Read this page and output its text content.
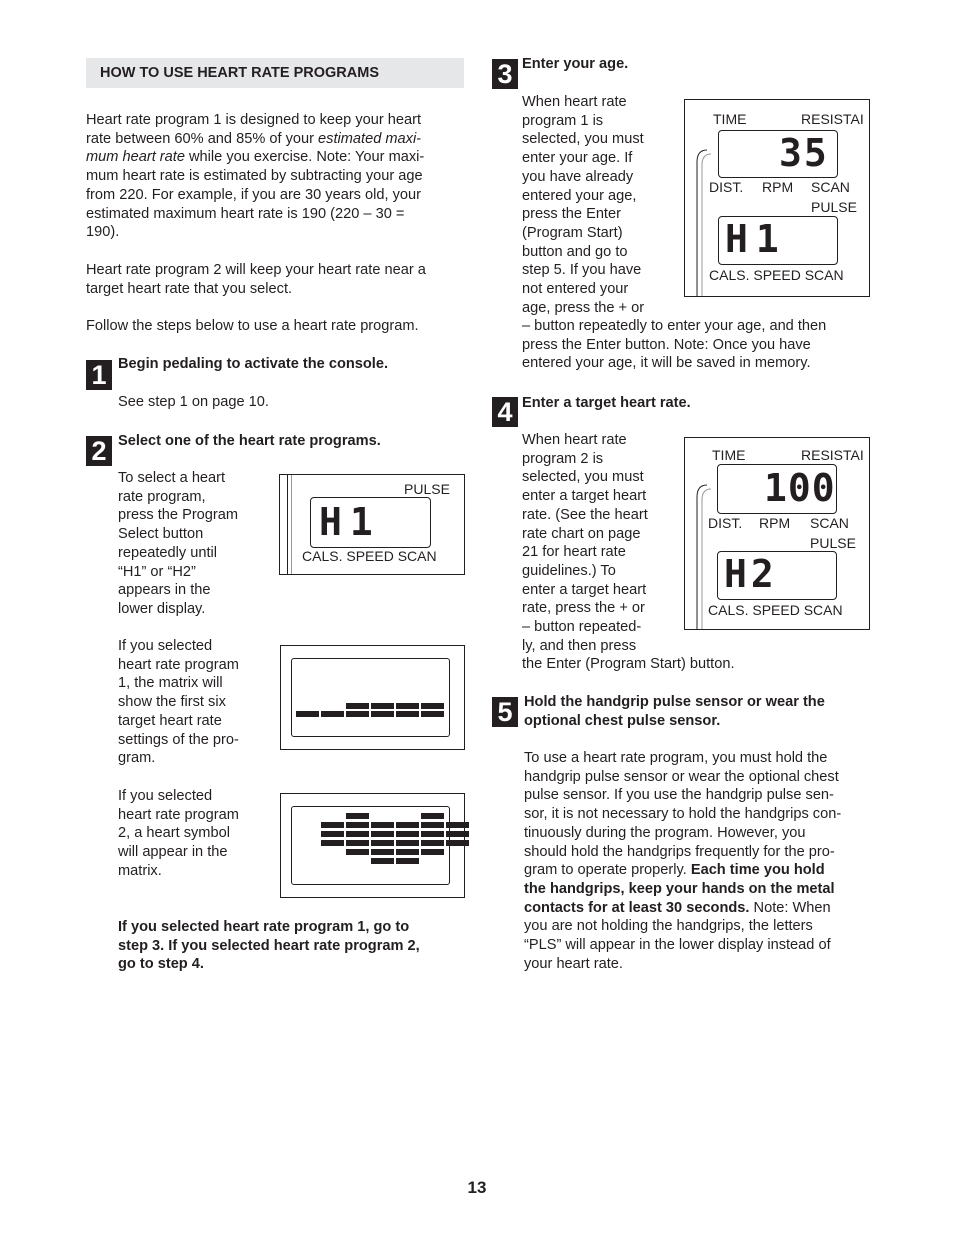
HOW TO USE HEART RATE PROGRAMS

Heart rate program 1 is designed to keep your heart

rate between 60% and 85% of your estimated maxi-

mum heart rate while you exercise. Note: Your maxi-

mum heart rate is estimated by subtracting your age

from 220. For example, if you are 30 years old, your

estimated maximum heart rate is 190 (220 – 30 =

190).

Heart rate program 2 will keep your heart rate near a

target heart rate that you select.

Follow the steps below to use a heart rate program.

1 Begin pedaling to activate the console.

See step 1 on page 10.

2 Select one of the heart rate programs.

To select a heart

rate program,

press the Program

Select button

repeatedly until

“H1” or “H2”

appears in the

lower display.

PULSE
H1
CALS. SPEED SCAN

If you selected

heart rate program

1, the matrix will

show the first six

target heart rate

settings of the pro-

gram.

If you selected

heart rate program

2, a heart symbol

will appear in the

matrix.

If you selected heart rate program 1, go to

step 3. If you selected heart rate program 2,

go to step 4.

3 Enter your age.

When heart rate

program 1 is

selected, you must

enter your age. If

you have already

entered your age,

press the Enter

(Program Start)

button and go to

step 5. If you have

not entered your

age, press the + or

– button repeatedly to enter your age, and then

press the Enter button. Note: Once you have

entered your age, it will be saved in memory.

TIME	RESISTAI
35
DIST. RPM SCAN
PULSE
H1
CALS. SPEED SCAN
4 Enter a target heart rate.

When heart rate

program 2 is

selected, you must

enter a target heart

rate. (See the heart

rate chart on page

21 for heart rate

guidelines.) To

enter a target heart

rate, press the + or

– button repeated-

ly, and then press

the Enter (Program Start) button.

TIME	RESISTAI
100
DIST. RPM SCAN
PULSE
H2
CALS. SPEED SCAN
5 Hold the handgrip pulse sensor or wear the

optional chest pulse sensor.

To use a heart rate program, you must hold the

handgrip pulse sensor or wear the optional chest

pulse sensor. If you use the handgrip pulse sen-

sor, it is not necessary to hold the handgrips con-

tinuously during the program. However, you

should hold the handgrips frequently for the pro-

gram to operate properly. Each time you hold

the handgrips, keep your hands on the metal

contacts for at least 30 seconds. Note: When

you are not holding the handgrips, the letters

“PLS” will appear in the lower display instead of

your heart rate.

13
